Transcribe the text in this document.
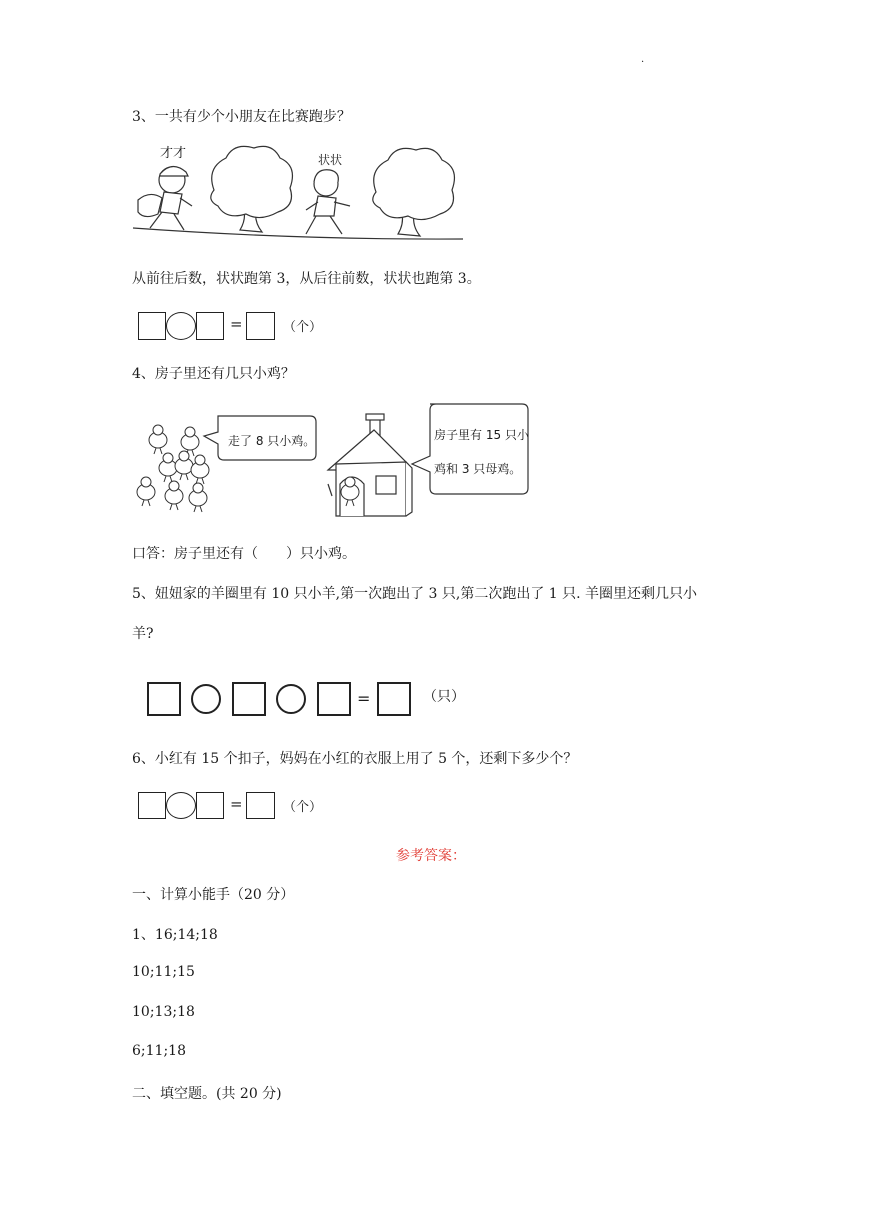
.
3、一共有少个小朋友在比赛跑步？
才才	状状
从前往后数，状状跑第 3，从后往前数，状状也跑第 3。
=	（个）
4、房子里还有几只小鸡？
走了 8 只小鸡。	房子里有 15 只小
鸡和 3 只母鸡。
口答：房子里还有（　　）只小鸡。
5、妞妞家的羊圈里有 10 只小羊,第一次跑出了 3 只,第二次跑出了 1 只. 羊圈里还剩几只小
羊?
=	（只）
6、小红有 15 个扣子，妈妈在小红的衣服上用了 5 个，还剩下多少个？
=	（个）
参考答案：
一、计算小能手（20 分）
1、16;14;18
10;11;15
10;13;18
6;11;18
二、填空题。(共 20 分)
